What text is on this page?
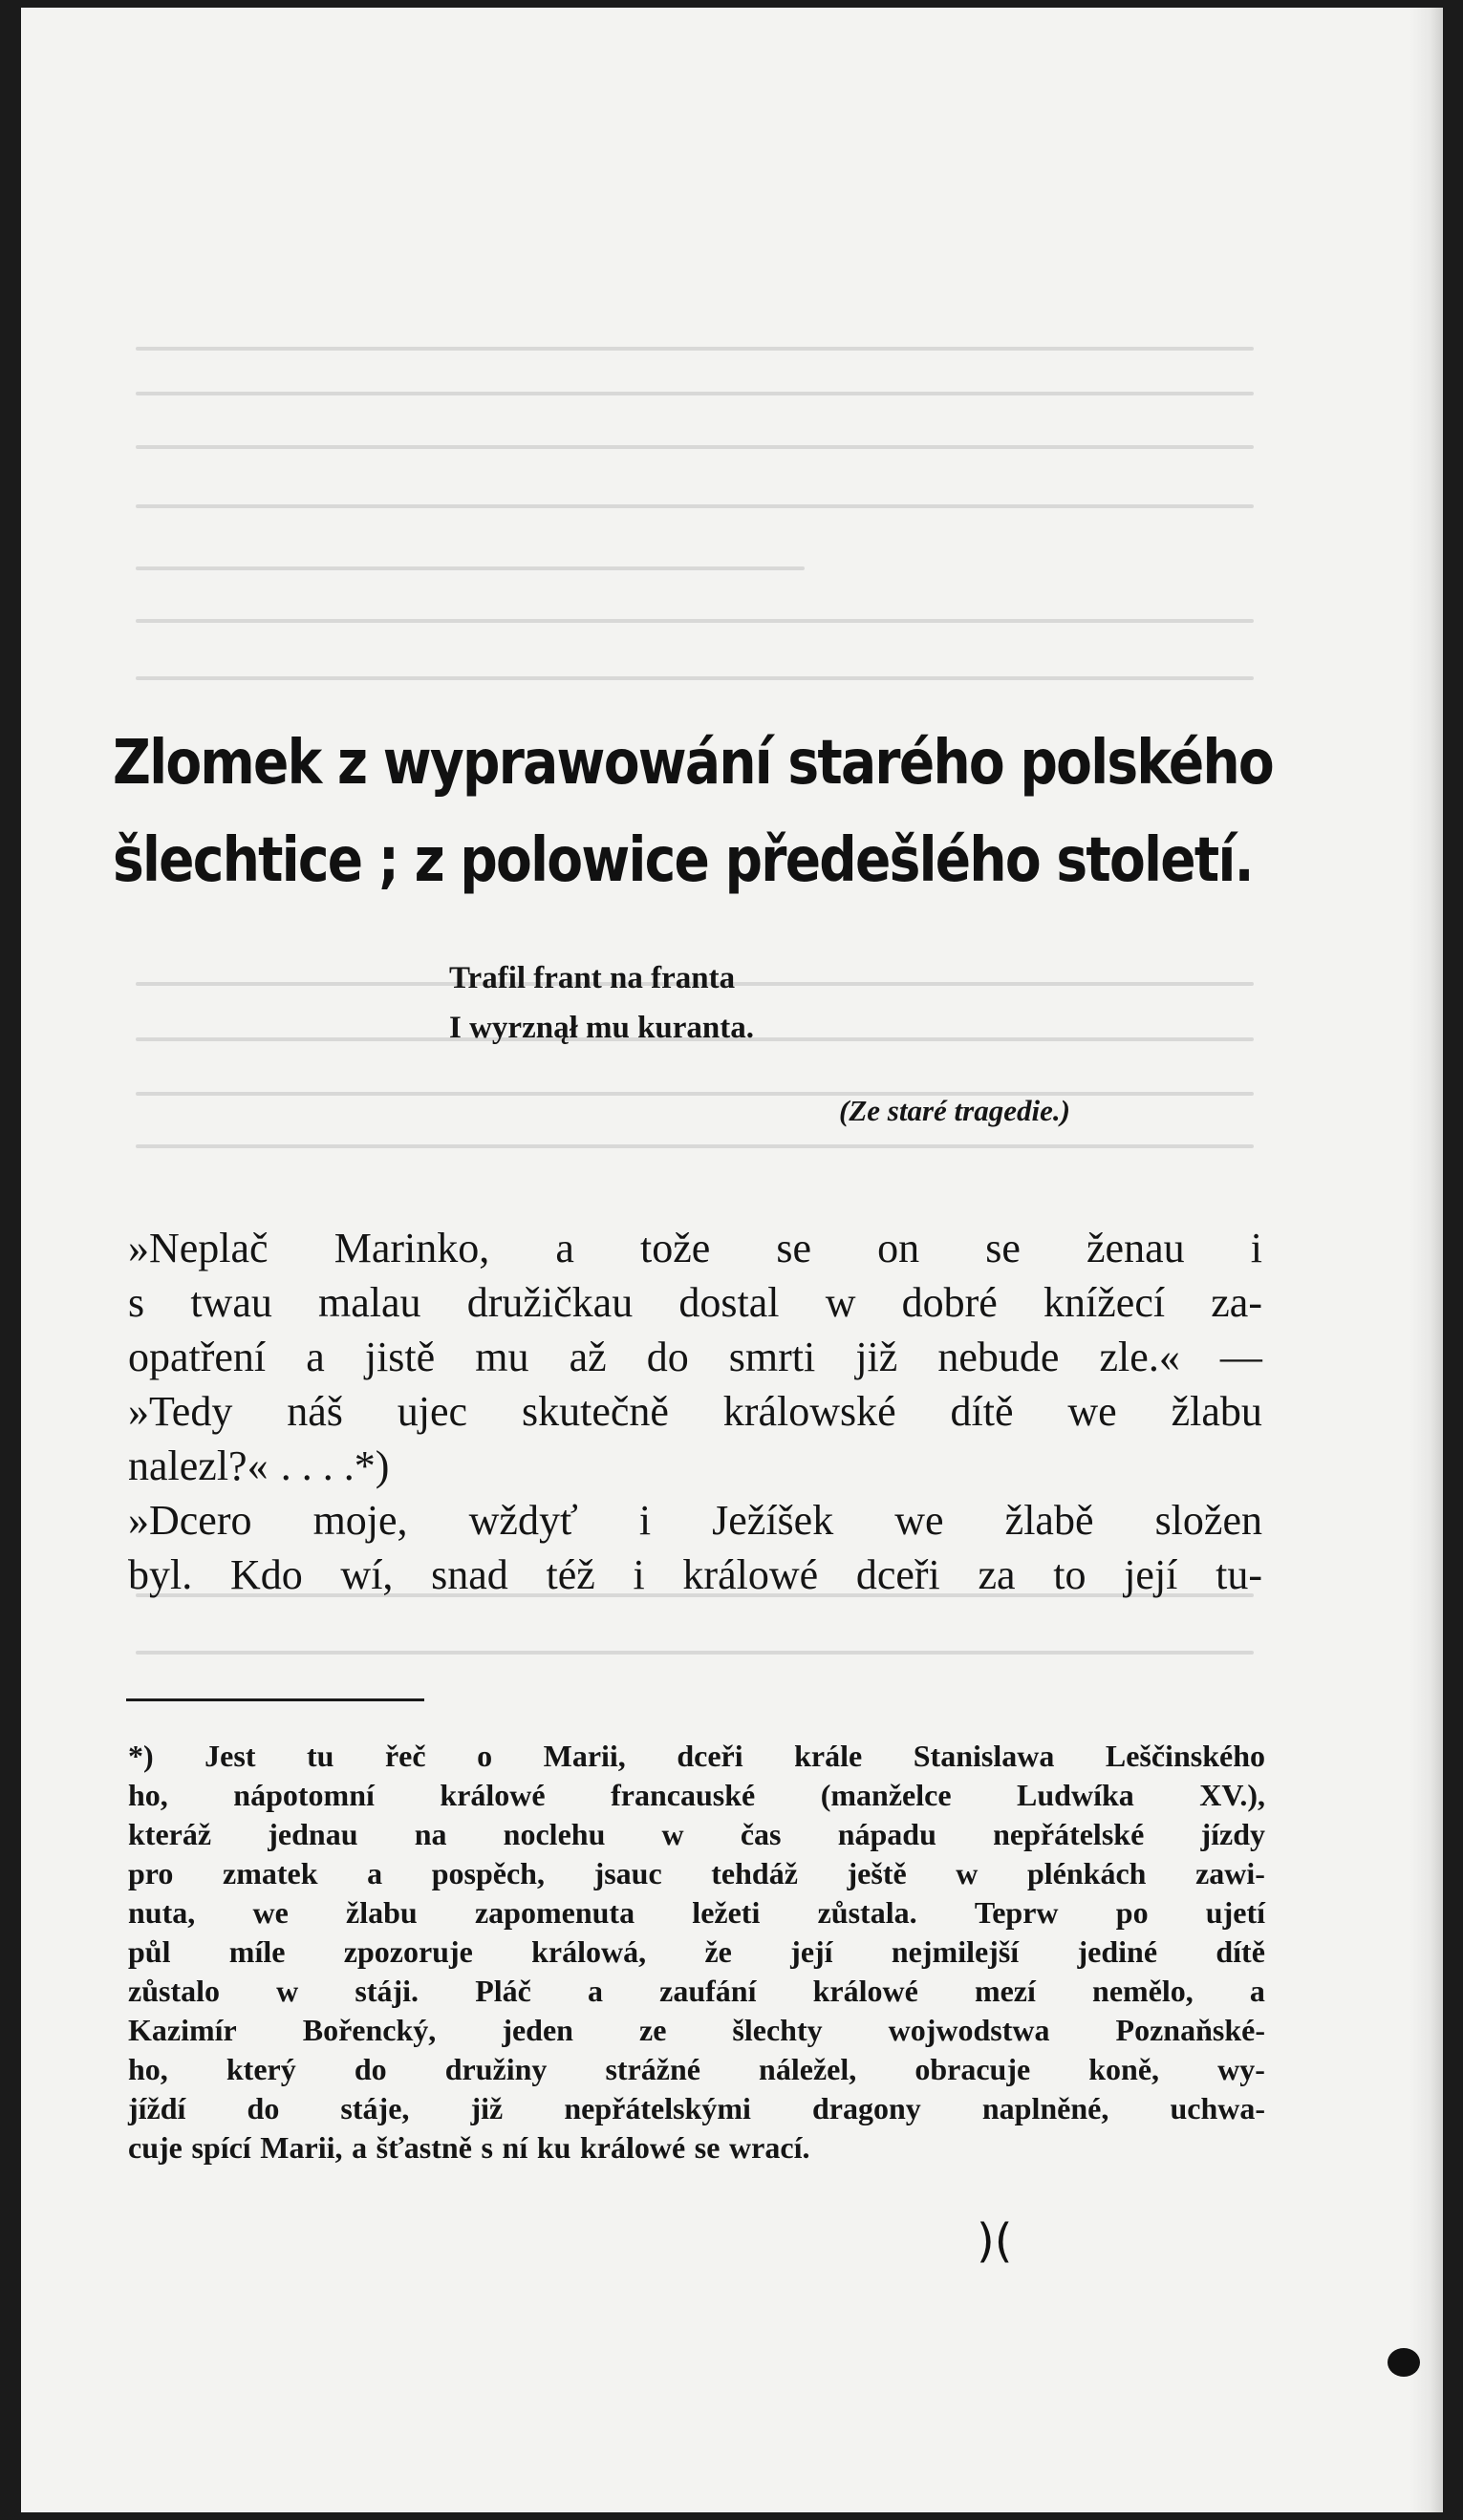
Zlomek z wyprawowání starého polského
šlechtice ; z polowice předešlého století.
Trafil frant na franta
I wyrznął mu kuranta.
(Ze staré tragedie.)
»Neplač Marinko, a tože se on se ženau i
s twau malau družičkau dostal w dobré knížecí za-
opatření a jistě mu až do smrti již nebude zle.« —
»Tedy náš ujec skutečně králowské dítě we žlabu
nalezl?« . . . .*)
»Dcero moje, wždyť i Ježíšek we žlabě složen
byl. Kdo wí, snad též i králowé dceři za to její tu-
*) Jest tu řeč o Marii, dceři krále Stanislawa Leščinského
ho, nápotomní králowé francauské (manželce Ludwíka XV.),
kteráž jednau na noclehu w čas nápadu nepřátelské jízdy
pro zmatek a pospěch, jsauc tehdáž ještě w plénkách zawi-
nuta, we žlabu zapomenuta ležeti zůstala. Teprw po ujetí
půl míle zpozoruje králowá, že její nejmilejší jediné dítě
zůstalo w stáji. Pláč a zaufání králowé mezí nemělo, a
Kazimír Bořencký, jeden ze šlechty wojwodstwa Poznaňské-
ho, který do družiny strážné náležel, obracuje koně, wy-
jíždí do stáje, již nepřátelskými dragony naplněné, uchwa-
cuje spící Marii, a šťastně s ní ku králowé se wrací.
)(
